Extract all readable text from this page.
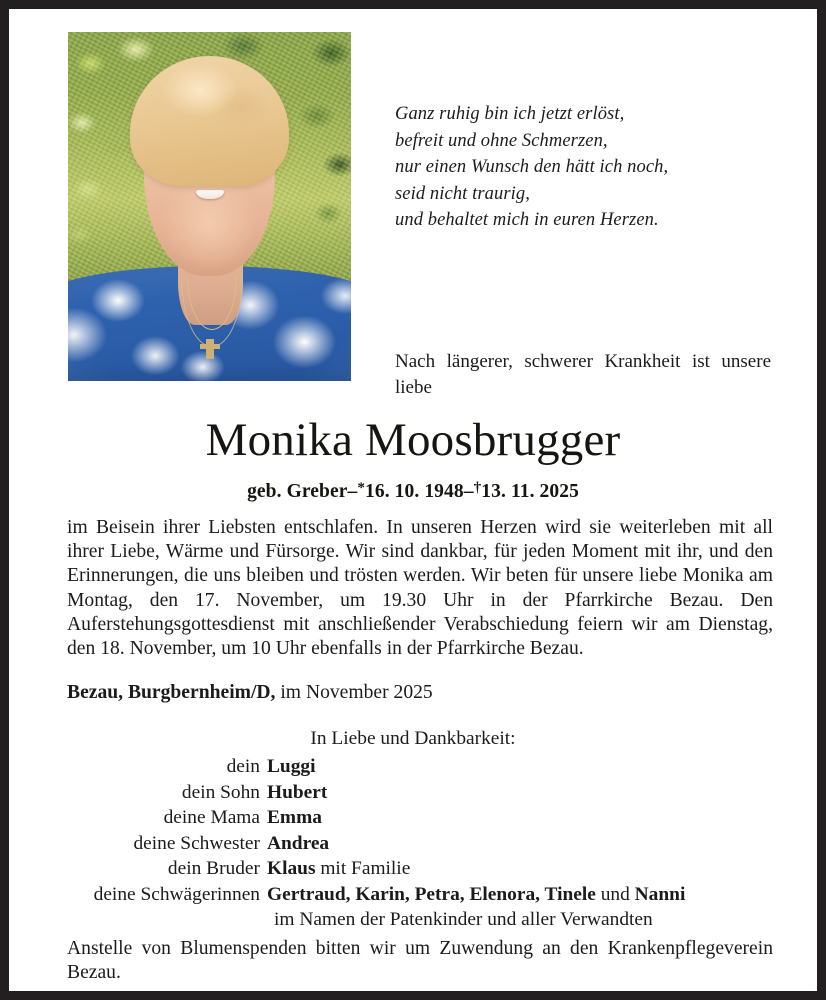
Ganz ruhig bin ich jetzt erlöst,
befreit und ohne Schmerzen,
nur einen Wunsch den hätt ich noch,
seid nicht traurig,
und behaltet mich in euren Herzen.
Nach längerer, schwerer Krankheit ist unsere liebe
Monika Moosbrugger
geb. Greber–*16. 10. 1948–†13. 11. 2025
im Beisein ihrer Liebsten entschlafen. In unseren Herzen wird sie weiterleben mit all ihrer Liebe, Wärme und Fürsorge. Wir sind dankbar, für jeden Moment mit ihr, und den Erinnerungen, die uns bleiben und trösten werden. Wir beten für unsere liebe Monika am Montag, den 17. November, um 19.30 Uhr in der Pfarrkirche Bezau. Den Auferstehungsgottesdienst mit anschließender Verabschiedung feiern wir am Dienstag, den 18. November, um 10 Uhr ebenfalls in der Pfarrkirche Bezau.
Bezau, Burgbernheim/D, im November 2025
In Liebe und Dankbarkeit:
dein Luggi
dein Sohn Hubert
deine Mama Emma
deine Schwester Andrea
dein Bruder Klaus mit Familie
deine Schwägerinnen Gertraud, Karin, Petra, Elenora, Tinele und Nanni
im Namen der Patenkinder und aller Verwandten
Anstelle von Blumenspenden bitten wir um Zuwendung an den Krankenpflegeverein Bezau.
